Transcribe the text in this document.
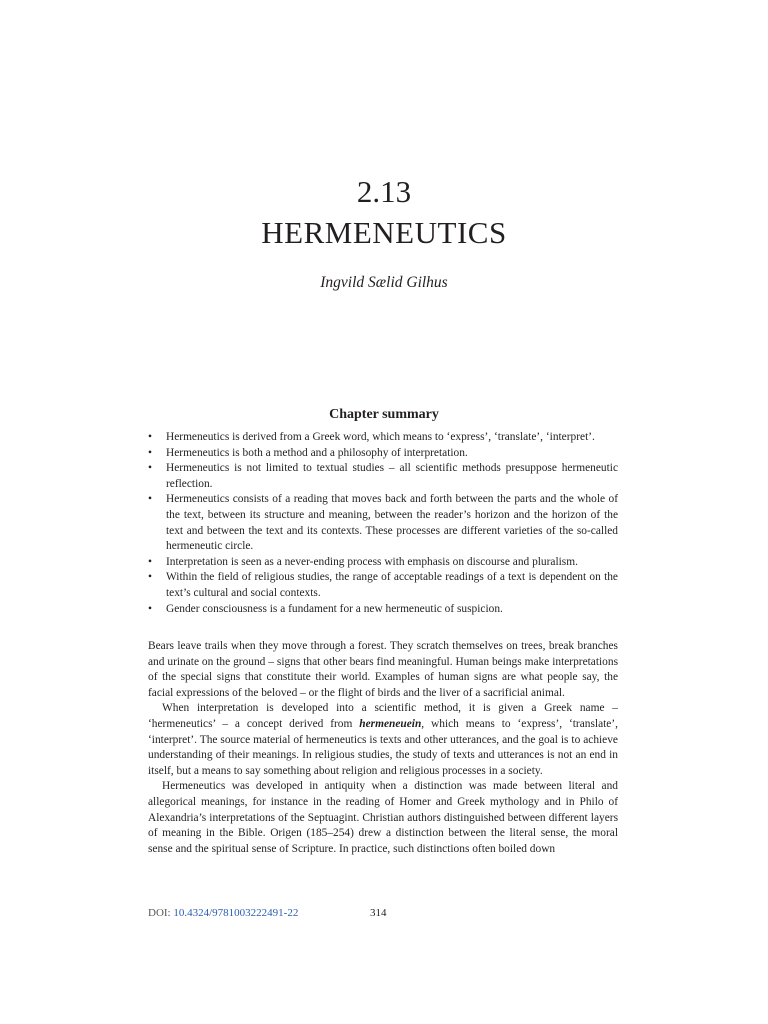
2.13
HERMENEUTICS
Ingvild Sælid Gilhus
Chapter summary
• Hermeneutics is derived from a Greek word, which means to ‘express’, ‘translate’, ‘interpret’.
• Hermeneutics is both a method and a philosophy of interpretation.
• Hermeneutics is not limited to textual studies – all scientific methods presuppose hermeneutic reflection.
• Hermeneutics consists of a reading that moves back and forth between the parts and the whole of the text, between its structure and meaning, between the reader’s horizon and the horizon of the text and between the text and its contexts. These processes are different varieties of the so-called hermeneutic circle.
• Interpretation is seen as a never-ending process with emphasis on discourse and pluralism.
• Within the field of religious studies, the range of acceptable readings of a text is dependent on the text’s cultural and social contexts.
• Gender consciousness is a fundament for a new hermeneutic of suspicion.

Bears leave trails when they move through a forest. They scratch themselves on trees, break branches and urinate on the ground – signs that other bears find meaningful. Human beings make interpretations of the special signs that constitute their world. Examples of human signs are what people say, the facial expressions of the beloved – or the flight of birds and the liver of a sacrificial animal.

When interpretation is developed into a scientific method, it is given a Greek name – ‘hermeneutics’ – a concept derived from hermeneuein, which means to ‘express’, ‘translate’, ‘interpret’. The source material of hermeneutics is texts and other utterances, and the goal is to achieve understanding of their meanings. In religious studies, the study of texts and utterances is not an end in itself, but a means to say something about religion and religious processes in a society.

Hermeneutics was developed in antiquity when a distinction was made between literal and allegorical meanings, for instance in the reading of Homer and Greek mythology and in Philo of Alexandria’s interpretations of the Septuagint. Christian authors distinguished between different layers of meaning in the Bible. Origen (185–254) drew a distinction between the literal sense, the moral sense and the spiritual sense of Scripture. In practice, such distinctions often boiled down

DOI: 10.4324/9781003222491-22	314
